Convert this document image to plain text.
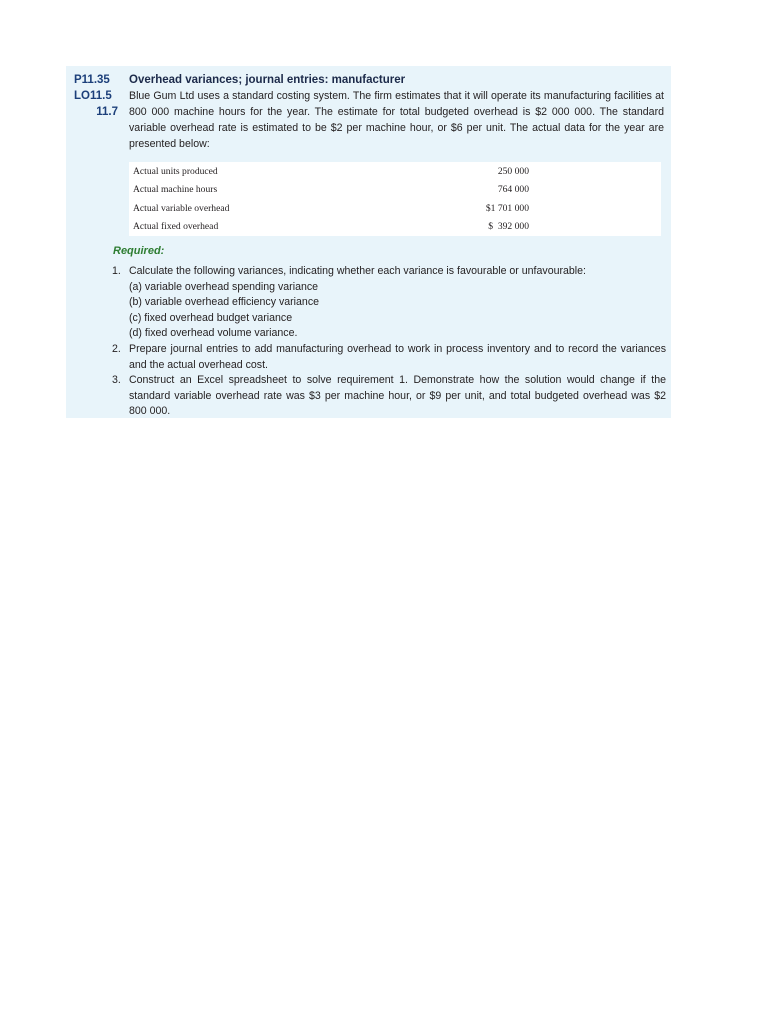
P11.35
LO11.5
11.7
Overhead variances; journal entries: manufacturer
Blue Gum Ltd uses a standard costing system. The firm estimates that it will operate its manufacturing facilities at 800 000 machine hours for the year. The estimate for total budgeted overhead is $2 000 000. The standard variable overhead rate is estimated to be $2 per machine hour, or $6 per unit. The actual data for the year are presented below:
Actual units produced	250 000
Actual machine hours	764 000
Actual variable overhead	$1 701 000
Actual fixed overhead	$  392 000
Required:
1. Calculate the following variances, indicating whether each variance is favourable or unfavourable:
(a) variable overhead spending variance
(b) variable overhead efficiency variance
(c) fixed overhead budget variance
(d) fixed overhead volume variance.
2. Prepare journal entries to add manufacturing overhead to work in process inventory and to record the variances and the actual overhead cost.
3. Construct an Excel spreadsheet to solve requirement 1. Demonstrate how the solution would change if the standard variable overhead rate was $3 per machine hour, or $9 per unit, and total budgeted overhead was $2 800 000.
